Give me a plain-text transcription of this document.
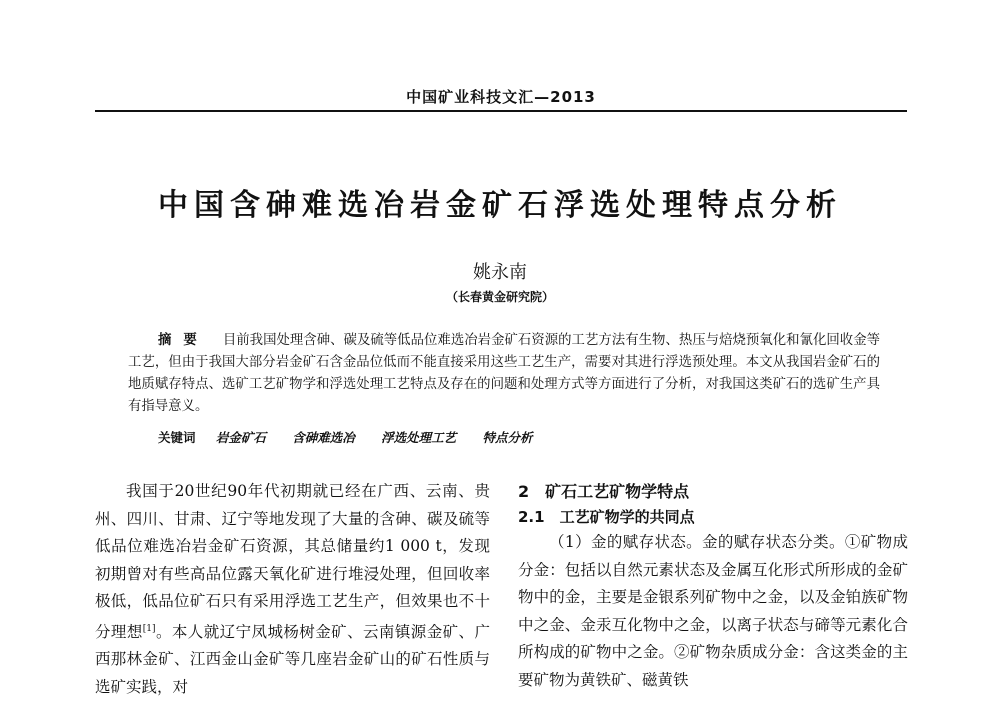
中国矿业科技文汇—2013
中国含砷难选冶岩金矿石浮选处理特点分析
姚永南
（长春黄金研究院）
摘要 目前我国处理含砷、碳及硫等低品位难选冶岩金矿石资源的工艺方法有生物、热压与焙烧预氧化和氰化回收金等工艺，但由于我国大部分岩金矿石含金品位低而不能直接采用这些工艺生产，需要对其进行浮选预处理。本文从我国岩金矿石的地质赋存特点、选矿工艺矿物学和浮选处理工艺特点及存在的问题和处理方式等方面进行了分析，对我国这类矿石的选矿生产具有指导意义。
关键词 岩金矿石 含砷难选冶 浮选处理工艺 特点分析

我国于20世纪90年代初期就已经在广西、云南、贵州、四川、甘肃、辽宁等地发现了大量的含砷、碳及硫等低品位难选冶岩金矿石资源，其总储量约1 000 t，发现初期曾对有些高品位露天氧化矿进行堆浸处理，但回收率极低，低品位矿石只有采用浮选工艺生产，但效果也不十分理想[1]。本人就辽宁凤城杨树金矿、云南镇源金矿、广西那林金矿、江西金山金矿等几座岩金矿山的矿石性质与选矿实践，对

2　矿石工艺矿物学特点
2.1　工艺矿物学的共同点

（1）金的赋存状态。金的赋存状态分类。①矿物成分金：包括以自然元素状态及金属互化形式所形成的金矿物中的金，主要是金银系列矿物中之金，以及金铂族矿物中之金、金汞互化物中之金，以离子状态与碲等元素化合所构成的矿物中之金。②矿物杂质成分金：含这类金的主要矿物为黄铁矿、磁黄铁
